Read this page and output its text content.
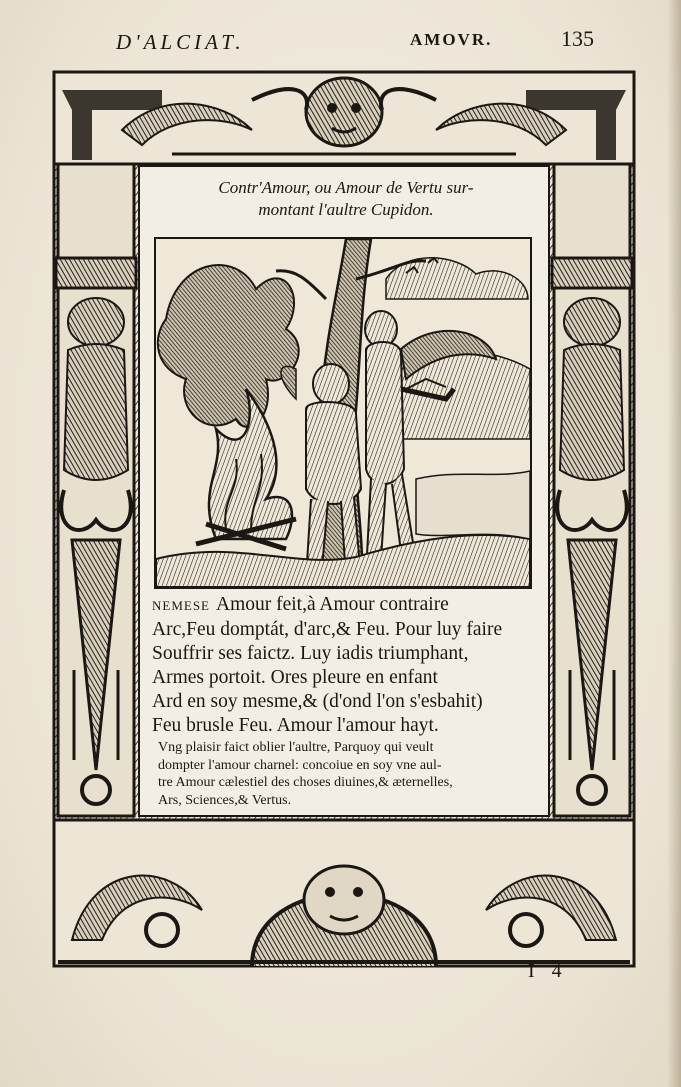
D'ALCIAT.	AMOVR.	135
Contr'Amour, ou Amour de Vertu sur-
montant l'aultre Cupidon.
NEMESE Amour feit,à Amour contraire
Arc,Feu domptát, d'arc,& Feu. Pour luy faire
Souffrir ses faictz. Luy iadis triumphant,
Armes portoit. Ores pleure en enfant
Ard en soy mesme,& (d'ond l'on s'esbahit)
Feu brusle Feu. Amour l'amour hayt.
Vng plaisir faict oblier l'aultre, Parquoy qui veult
dompter l'amour charnel: concoiue en soy vne aul-
tre Amour cælestiel des choses diuines,& æternelles,
Ars, Sciences,& Vertus.
I 4
